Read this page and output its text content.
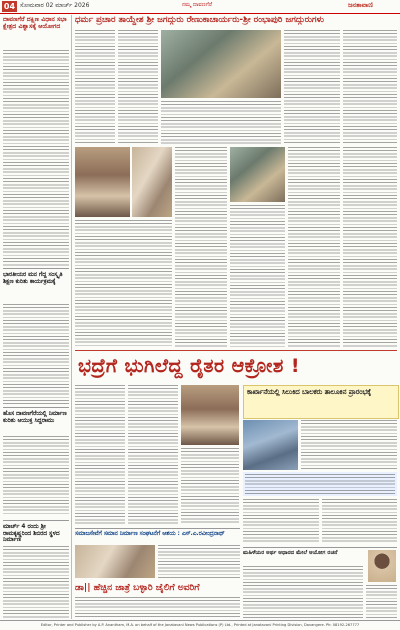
04 ಸೋಮವಾರ 02 ಮಾರ್ಚ್ 2026	ನಮ್ಮ ದಾವಣಗೆರೆ	ಜನತಾವಾಣಿ
ದಾವಣಗೆರೆ ದಕ್ಷಿಣ ವಿಧಾನ ಸಭಾ ಕ್ಷೇತ್ರದ ವಿಶ್ವಾಸಕ್ಕೆ ಆಯೋಗದ
ಭಾರತೀಯರ ಮನ ಗೆದ್ದ ಸಂಸ್ಕೃತಿ ಶಿಕ್ಷಣ ಕುರಿತು ಕಾರ್ಯಕ್ರಮಕ್ಕೆ
ಹೊಸ ದಾವಣಗೆರೆಯಲ್ಲಿ ನಿರ್ಮಾಣ ಕುರಿತು ಆಯುಕ್ತ ಸಿದ್ದರಾಮು
ಮಾರ್ಚ್ 4 ರಂದು ಶ್ರೀ ರಾಮಕೃಷ್ಣರಿಂದ ಶಿಬಿರದ ಸ್ಥಳದ ನಿರ್ಮಾಣ
ಧರ್ಮ ಪ್ರಚಾರ ತಾಯ್ದೇಶ ಶ್ರೀ ಜಗದ್ಗುರು ರೇಣುಕಾಚಾರ್ಯರು-ಶ್ರೀ ರಂಭಾಪುರಿ ಜಗದ್ಗುರುಗಳು
ಭದ್ರೆಗೆ ಭುಗಿಲೆದ್ದ ರೈತರ ಆಕ್ರೋಶ !
ಕಾರ್ಖಾನೆಯಲ್ಲಿ ಸಿಲುಕಿದ ಬಾಲಕರು ತಾಲೂಕಿನ ಪ್ರಾರಂಭಕ್ಕೆ
ಸಮಾಜಸೇವೆಗೆ ಸಮಾನ ನಿರ್ಮಾಣ ಸಂಘಟನೆಗೆ ಆಶಯ : ಎಸ್.ಎ.ರವೀಂದ್ರನಾಥ್
ಡಾ|| ಹೆಚ್ಚಿನ ಜಾತ್ರೆ ಬಳ್ಳಾರಿ ಜೈಲಿಗೆ ಅವರಿಗೆ
ಮಹಿಳೆಯರ ಅರ್ಥ ಆಧಾರದ ಮೇಲೆ ಆಯೋಗ ರಚನೆ
Editor, Printer and Publisher by A.P. Anantham, M.A. on behalf of the Janatavani News Publications (P) Ltd., Printed at Janatavani Printing Division, Davangere. Ph: 08192-267777
